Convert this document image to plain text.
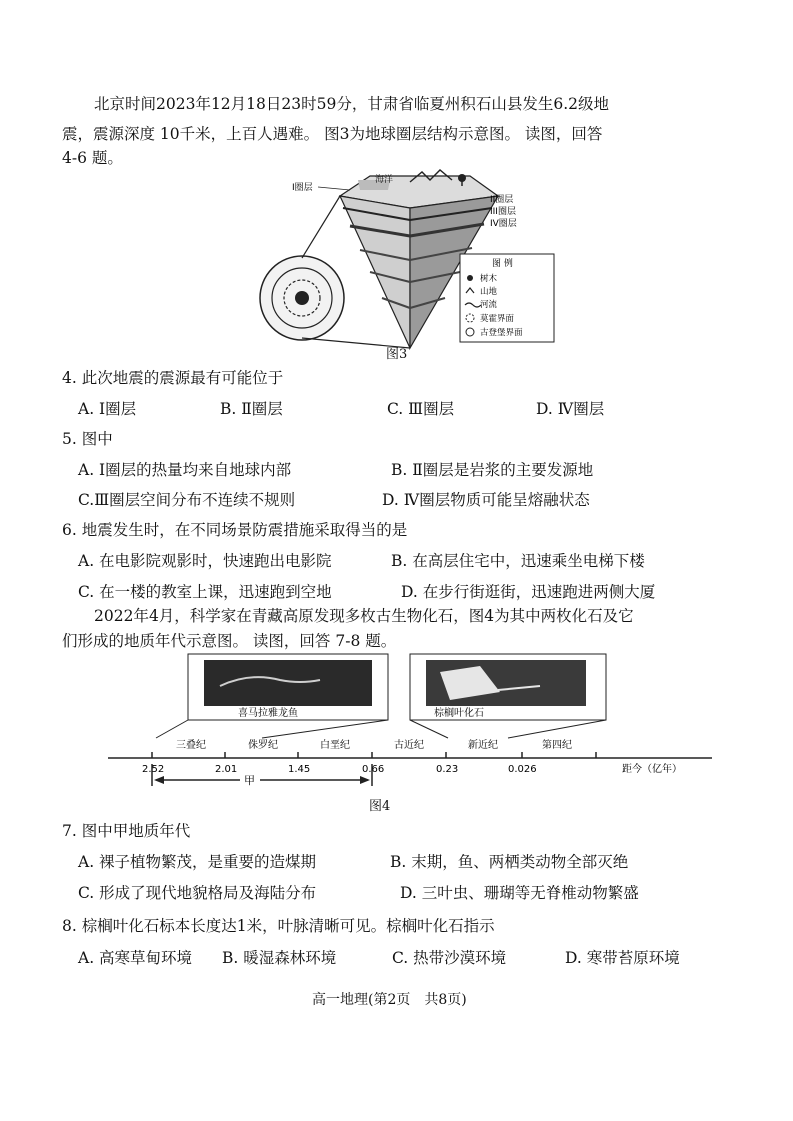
北京时间2023年12月18日23时59分，甘肃省临夏州积石山县发生6.2级地
震，震源深度 10千米，上百人遇难。 图3为地球圈层结构示意图。 读图，回答
4-6 题。
I圈层
海洋
II圈层
III圈层
IV圈层
图 例
树木
山地
河流
莫霍界面
古登堡界面
图3
4. 此次地震的震源最有可能位于
A. Ⅰ圈层	B. Ⅱ圈层	C. Ⅲ圈层	D. Ⅳ圈层
5. 图中
A. Ⅰ圈层的热量均来自地球内部	B. Ⅱ圈层是岩浆的主要发源地
C.Ⅲ圈层空间分布不连续不规则	D. Ⅳ圈层物质可能呈熔融状态
6. 地震发生时，在不同场景防震措施采取得当的是
A. 在电影院观影时，快速跑出电影院	B. 在高层住宅中，迅速乘坐电梯下楼
C. 在一楼的教室上课，迅速跑到空地	D. 在步行街逛街，迅速跑进两侧大厦
2022年4月，科学家在青藏高原发现多枚古生物化石，图4为其中两枚化石及它
们形成的地质年代示意图。 读图，回答 7-8 题。
喜马拉雅龙鱼	棕榈叶化石
三叠纪	侏罗纪	白垩纪	古近纪	新近纪	第四纪
2.52	2.01	1.45	0.66	0.23	0.026	距今（亿年）
甲
图4
7. 图中甲地质年代
A. 裸子植物繁茂，是重要的造煤期	B. 末期，鱼、两栖类动物全部灭绝
C. 形成了现代地貌格局及海陆分布	D. 三叶虫、珊瑚等无脊椎动物繁盛
8. 棕榈叶化石标本长度达1米，叶脉清晰可见。棕榈叶化石指示
A. 高寒草甸环境 B. 暖湿森林环境	C. 热带沙漠环境	D. 寒带苔原环境
高一地理(第2页　共8页)
